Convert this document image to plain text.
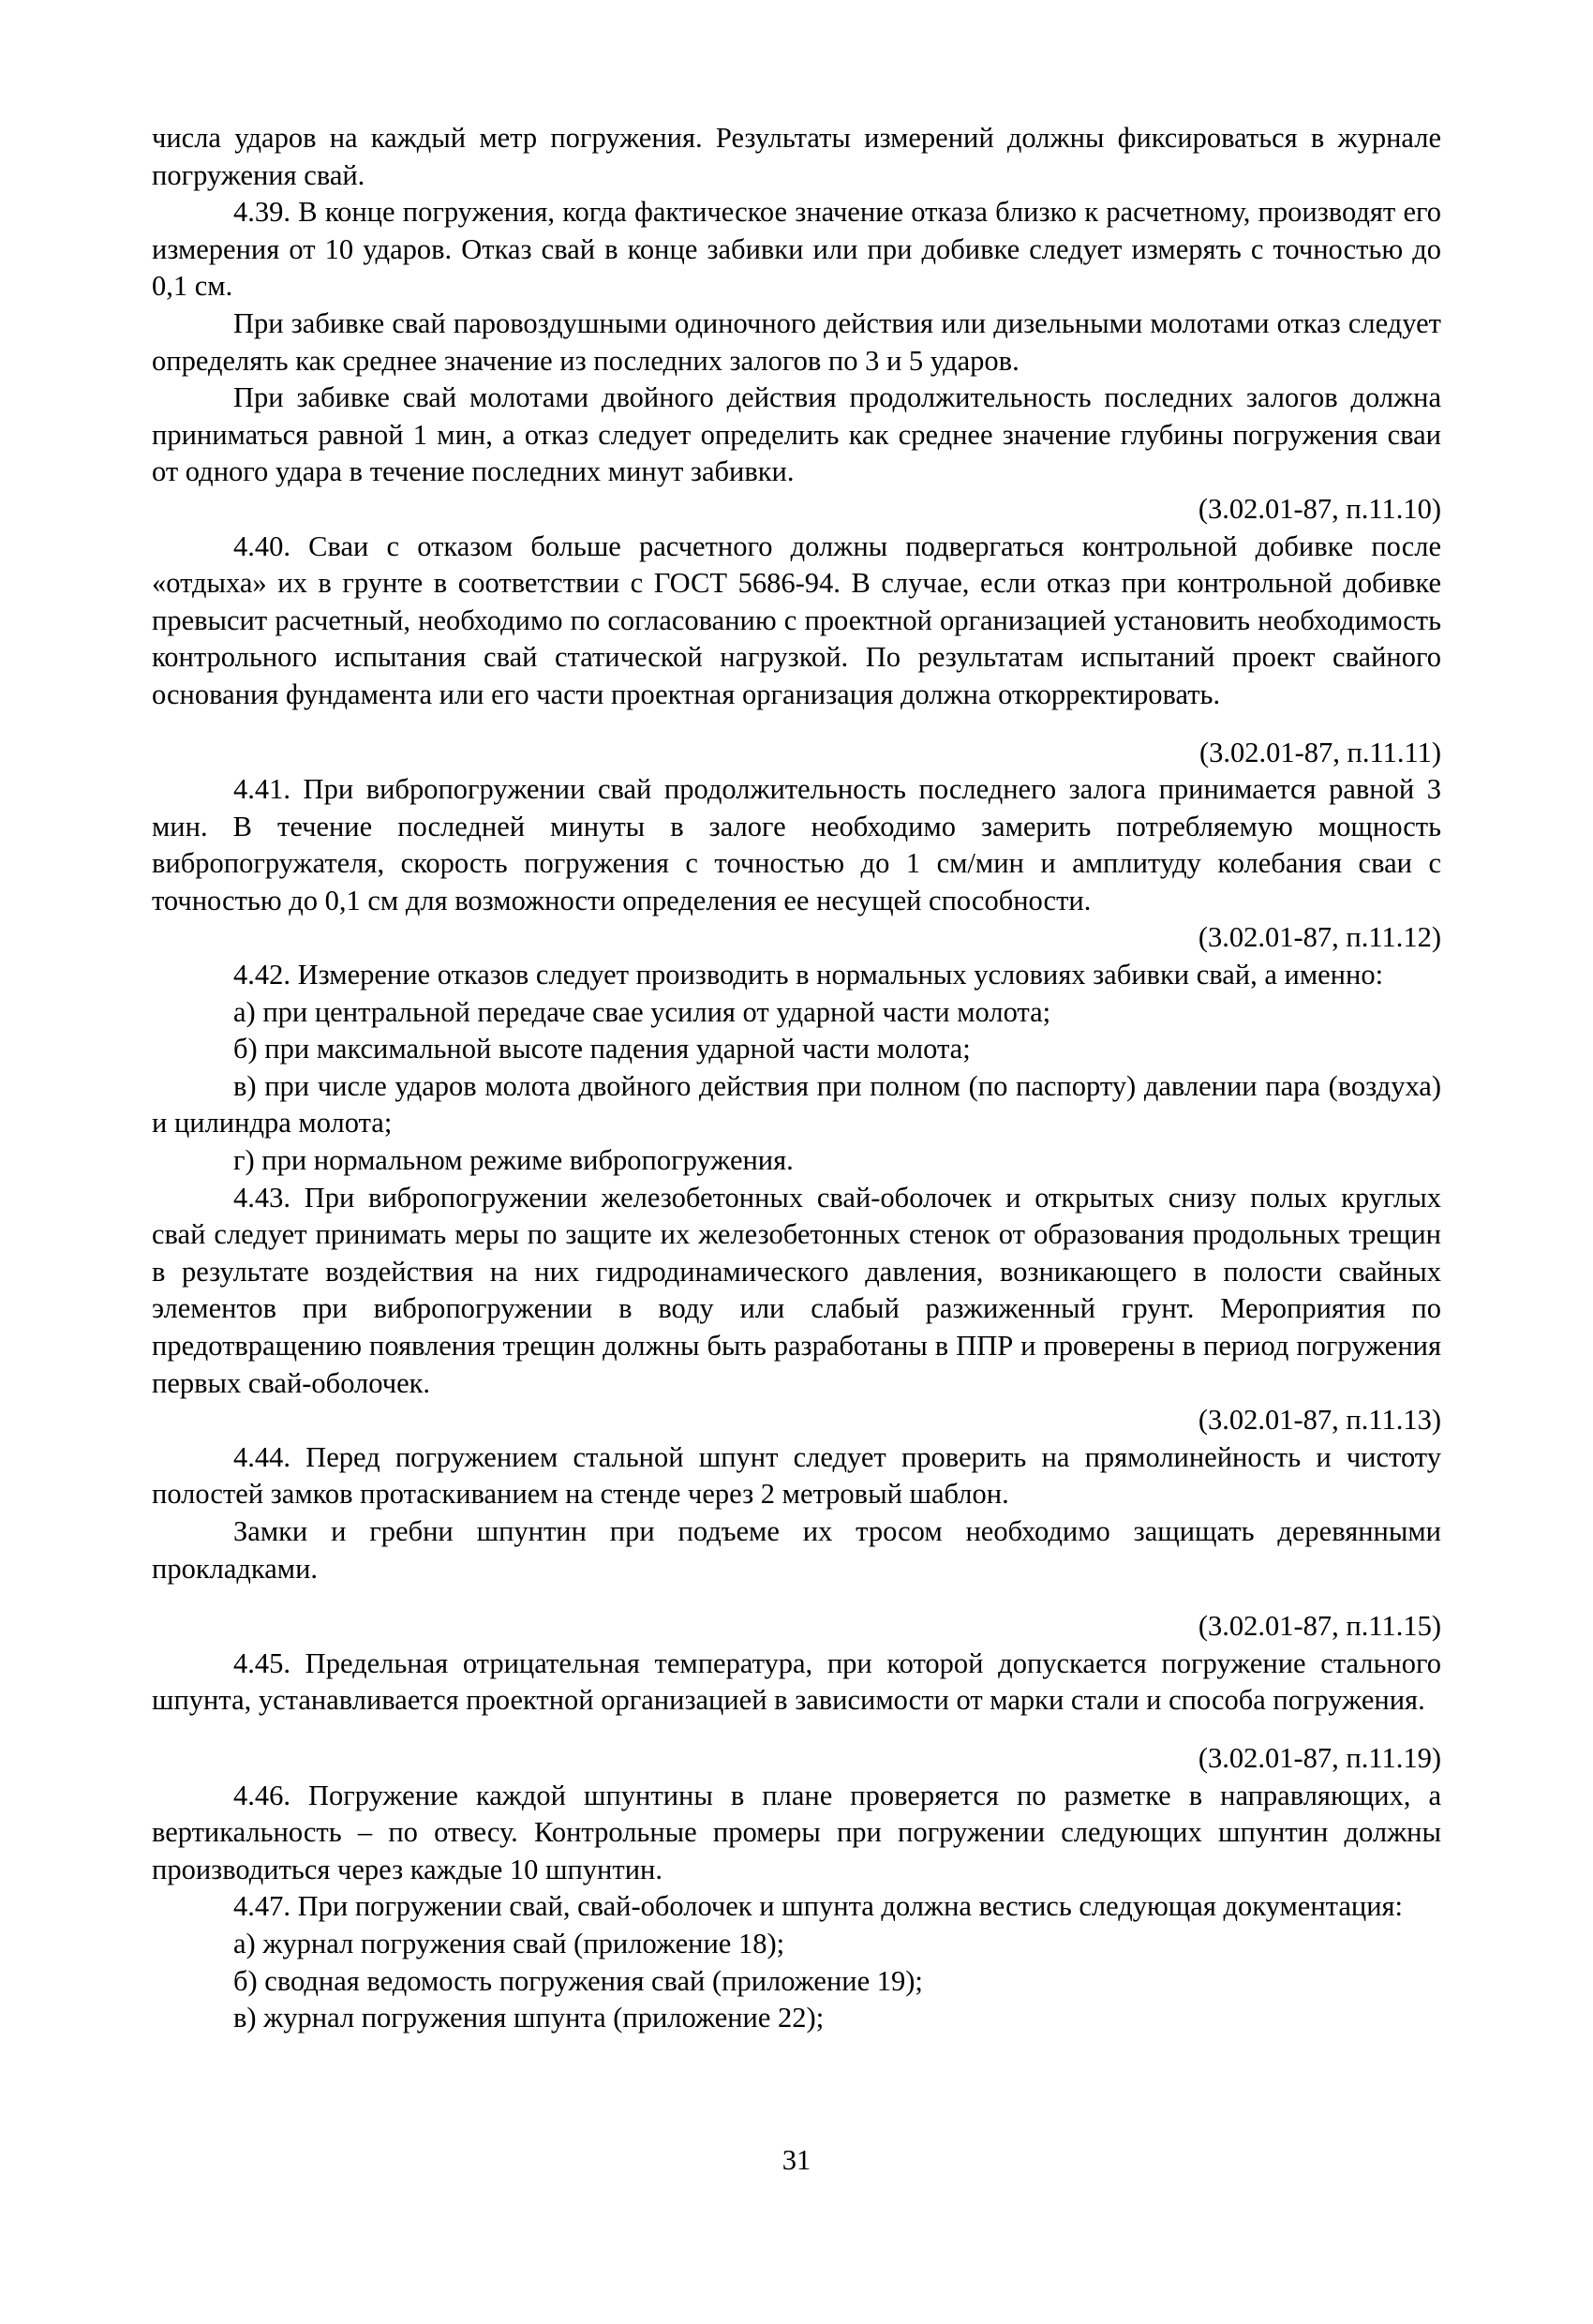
числа ударов на каждый метр погружения. Результаты измерений должны фиксироваться в журнале погружения свай.

4.39. В конце погружения, когда фактическое значение отказа близко к расчетному, производят его измерения от 10 ударов. Отказ свай в конце забивки или при добивке следует измерять с точностью до 0,1 см.

При забивке свай паровоздушными одиночного действия или дизельными молотами отказ следует определять как среднее значение из последних залогов по 3 и 5 ударов.

При забивке свай молотами двойного действия продолжительность последних залогов должна приниматься равной 1 мин, а отказ следует определить как среднее значение глубины погружения сваи от одного удара в течение последних минут забивки.

(3.02.01-87, п.11.10)

4.40. Сваи с отказом больше расчетного должны подвергаться контрольной добивке после «отдыха» их в грунте в соответствии с ГОСТ 5686-94. В случае, если отказ при контрольной добивке превысит расчетный, необходимо по согласованию с проектной организацией установить необходимость контрольного испытания свай статической нагрузкой. По результатам испытаний проект свайного основания фундамента или его части проектная организация должна откорректировать.

(3.02.01-87, п.11.11)

4.41. При вибропогружении свай продолжительность последнего залога принимается равной 3 мин. В течение последней минуты в залоге необходимо замерить потребляемую мощность вибропогружателя, скорость погружения с точностью до 1 см/мин и амплитуду колебания сваи с точностью до 0,1 см для возможности определения ее несущей способности.

(3.02.01-87, п.11.12)

4.42. Измерение отказов следует производить в нормальных условиях забивки свай, а именно:

а) при центральной передаче свае усилия от ударной части молота;

б) при максимальной высоте падения ударной части молота;

в) при числе ударов молота двойного действия при полном (по паспорту) давлении пара (воздуха) и цилиндра молота;

г) при нормальном режиме вибропогружения.

4.43. При вибропогружении железобетонных свай-оболочек и открытых снизу полых круглых свай следует принимать меры по защите их железобетонных стенок от образования продольных трещин в результате воздействия на них гидродинамического давления, возникающего в полости свайных элементов при вибропогружении в воду или слабый разжиженный грунт. Мероприятия по предотвращению появления трещин должны быть разработаны в ППР и проверены в период погружения первых свай-оболочек.

(3.02.01-87, п.11.13)

4.44. Перед погружением стальной шпунт следует проверить на прямолинейность и чистоту полостей замков протаскиванием на стенде через 2 метровый шаблон.

Замки и гребни шпунтин при подъеме их тросом необходимо защищать деревянными прокладками.

(3.02.01-87, п.11.15)

4.45. Предельная отрицательная температура, при которой допускается погружение стального шпунта, устанавливается проектной организацией в зависимости от марки стали и способа погружения.

(3.02.01-87, п.11.19)

4.46. Погружение каждой шпунтины в плане проверяется по разметке в направляющих, а вертикальность – по отвесу. Контрольные промеры при погружении следующих шпунтин должны производиться через каждые 10 шпунтин.

4.47. При погружении свай, свай-оболочек и шпунта должна вестись следующая документация:

а) журнал погружения свай (приложение 18);

б) сводная ведомость погружения свай (приложение 19);

в) журнал погружения шпунта (приложение 22);

31
